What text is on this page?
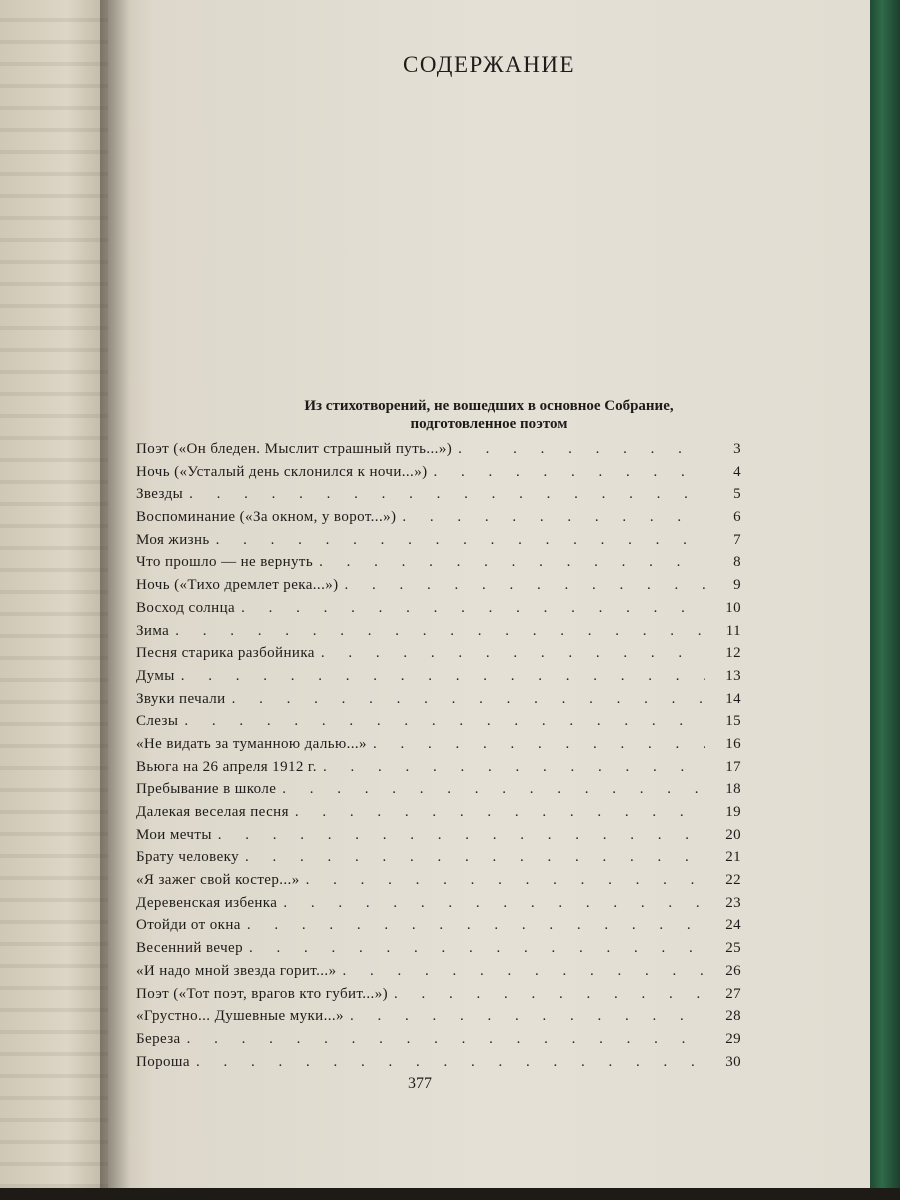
СОДЕРЖАНИЕ
Из стихотворений, не вошедших в основное Собрание,
подготовленное поэтом
Поэт («Он бледен. Мыслит страшный путь...») . . .	3
Ночь («Усталый день склонился к ночи...») . . .	4
Звезды . . .	5
Воспоминание («За окном, у ворот...») . . .	6
Моя жизнь . . .	7
Что прошло — не вернуть . . .	8
Ночь («Тихо дремлет река...») . . .	9
Восход солнца . . .	10
Зима . . .	11
Песня старика разбойника . . .	12
Думы . . .	13
Звуки печали . . .	14
Слезы . . .	15
«Не видать за туманною далью...» . . .	16
Вьюга на 26 апреля 1912 г. . . .	17
Пребывание в школе . . .	18
Далекая веселая песня . . .	19
Мои мечты . . .	20
Брату человеку . . .	21
«Я зажег свой костер...» . . .	22
Деревенская избенка . . .	23
Отойди от окна . . .	24
Весенний вечер . . .	25
«И надо мной звезда горит...» . . .	26
Поэт («Тот поэт, врагов кто губит...») . . .	27
«Грустно... Душевные муки...» . . .	28
Береза . . .	29
Пороша . . .	30
377
